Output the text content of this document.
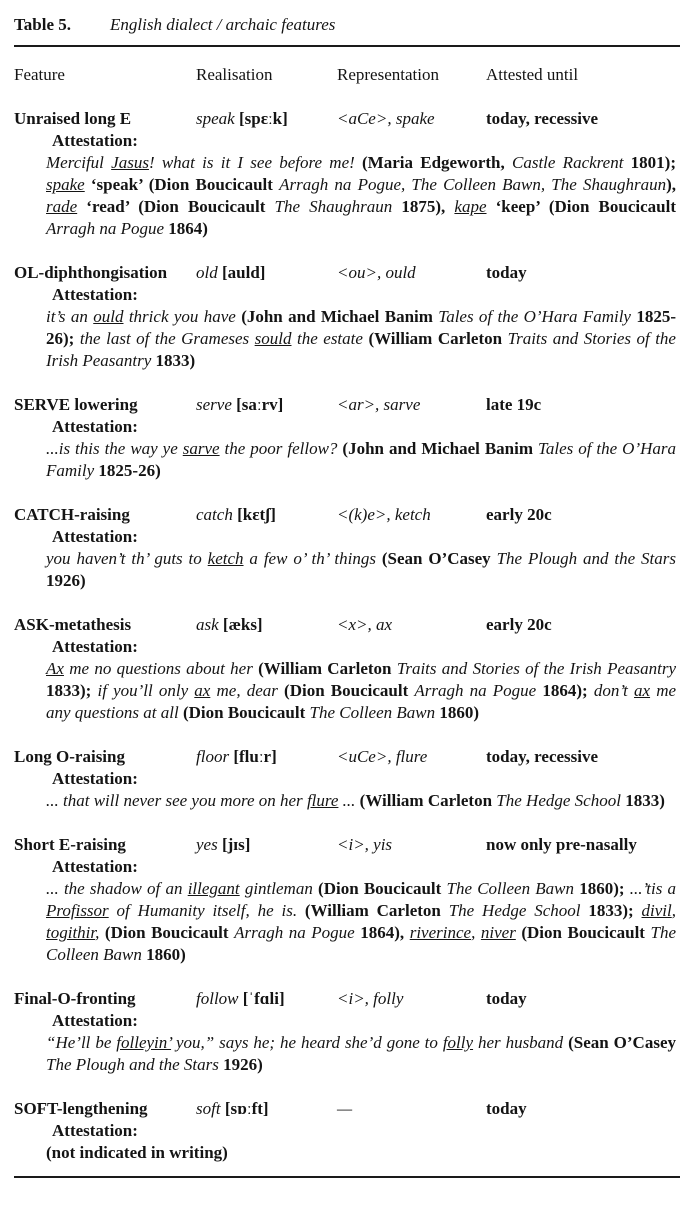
Table 5. English dialect / archaic features
Feature	Realisation	Representation	Attested until
Unraised long E	speak [spɛːk]	<aCe>, spake	today, recessive
Attestation:
Merciful Jasus! what is it I see before me! (Maria Edgeworth, Castle Rackrent 1801); spake ‘speak’ (Dion Boucicault Arragh na Pogue, The Colleen Bawn, The Shaughraun), rade ‘read’ (Dion Boucicault The Shaughraun 1875), kape ‘keep’ (Dion Boucicault Arragh na Pogue 1864)
OL-diphthongisation	old [auld]	<ou>, ould	today
Attestation:
it’s an ould thrick you have (John and Michael Banim Tales of the O’Hara Family 1825-26); the last of the Grameses sould the estate (William Carleton Traits and Stories of the Irish Peasantry 1833)
SERVE lowering	serve [saːrv]	<ar>, sarve	late 19c
Attestation:
...is this the way ye sarve the poor fellow? (John and Michael Banim Tales of the O’Hara Family 1825-26)
CATCH-raising	catch [kɛtʃ]	<(k)e>, ketch	early 20c
Attestation:
you haven’t th’ guts to ketch a few o’ th’ things (Sean O’Casey The Plough and the Stars 1926)
ASK-metathesis	ask [æks]	<x>, ax	early 20c
Attestation:
Ax me no questions about her (William Carleton Traits and Stories of the Irish Peasantry 1833); if you’ll only ax me, dear (Dion Boucicault Arragh na Pogue 1864); don’t ax me any questions at all (Dion Boucicault The Colleen Bawn 1860)
Long O-raising	floor [fluːr]	<uCe>, flure	today, recessive
Attestation:
... that will never see you more on her flure ... (William Carleton The Hedge School 1833)
Short E-raising	yes [jɪs]	<i>, yis	now only pre-nasally
Attestation:
... the shadow of an illegant gintleman (Dion Boucicault The Colleen Bawn 1860); ...’tis a Profissor of Humanity itself, he is. (William Carleton The Hedge School 1833); divil, togithir, (Dion Boucicault Arragh na Pogue 1864), riverince, niver (Dion Boucicault The Colleen Bawn 1860)
Final-O-fronting	follow [ˈfɑli]	<i>, folly	today
Attestation:
“He’ll be folleyin’ you,” says he; he heard she’d gone to folly her husband (Sean O’Casey The Plough and the Stars 1926)
SOFT-lengthening	soft [sɒːft]	—	today
Attestation:
(not indicated in writing)
